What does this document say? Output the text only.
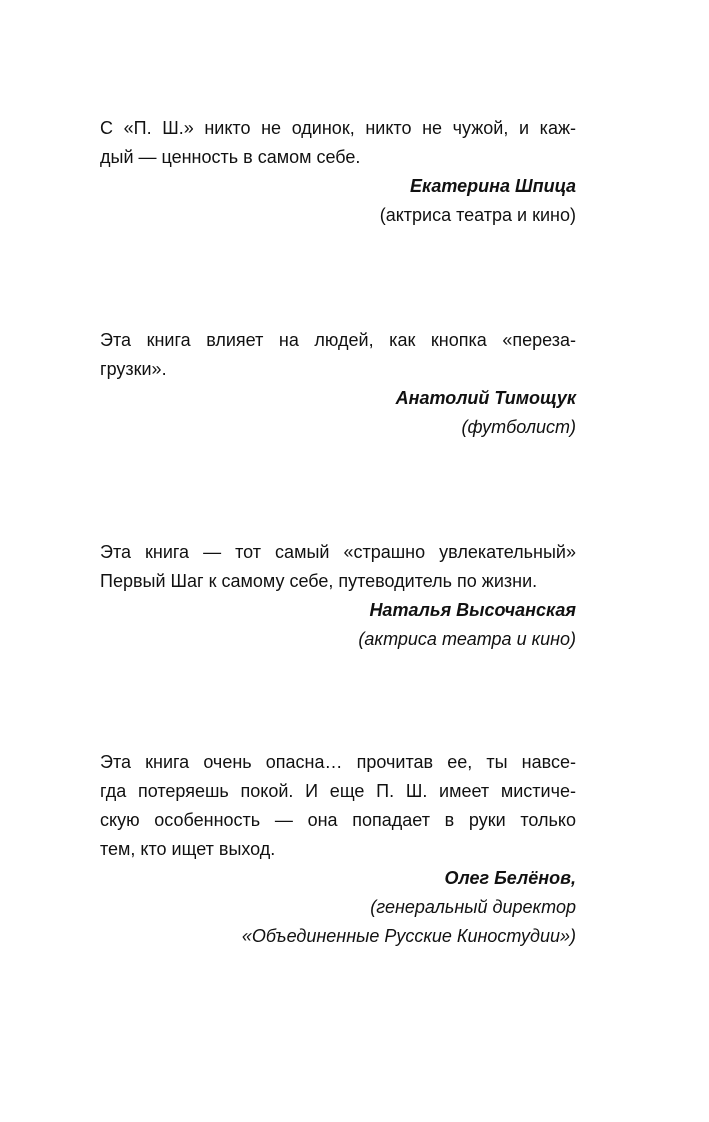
С «П. Ш.» никто не одинок, никто не чужой, и каж-
дый — ценность в самом себе.

Екатерина Шпица
(актриса театра и кино)

Эта книга влияет на людей, как кнопка «переза-
грузки».

Анатолий Тимощук
(футболист)

Эта книга — тот самый «страшно увлекательный»
Первый Шаг к самому себе, путеводитель по жизни.

Наталья Высочанская
(актриса театра и кино)

Эта книга очень опасна… прочитав ее, ты навсе-
гда потеряешь покой. И еще П. Ш. имеет мистиче-
скую особенность — она попадает в руки только
тем, кто ищет выход.

Олег Белёнов,
(генеральный директор
«Объединенные Русские Киностудии»)
